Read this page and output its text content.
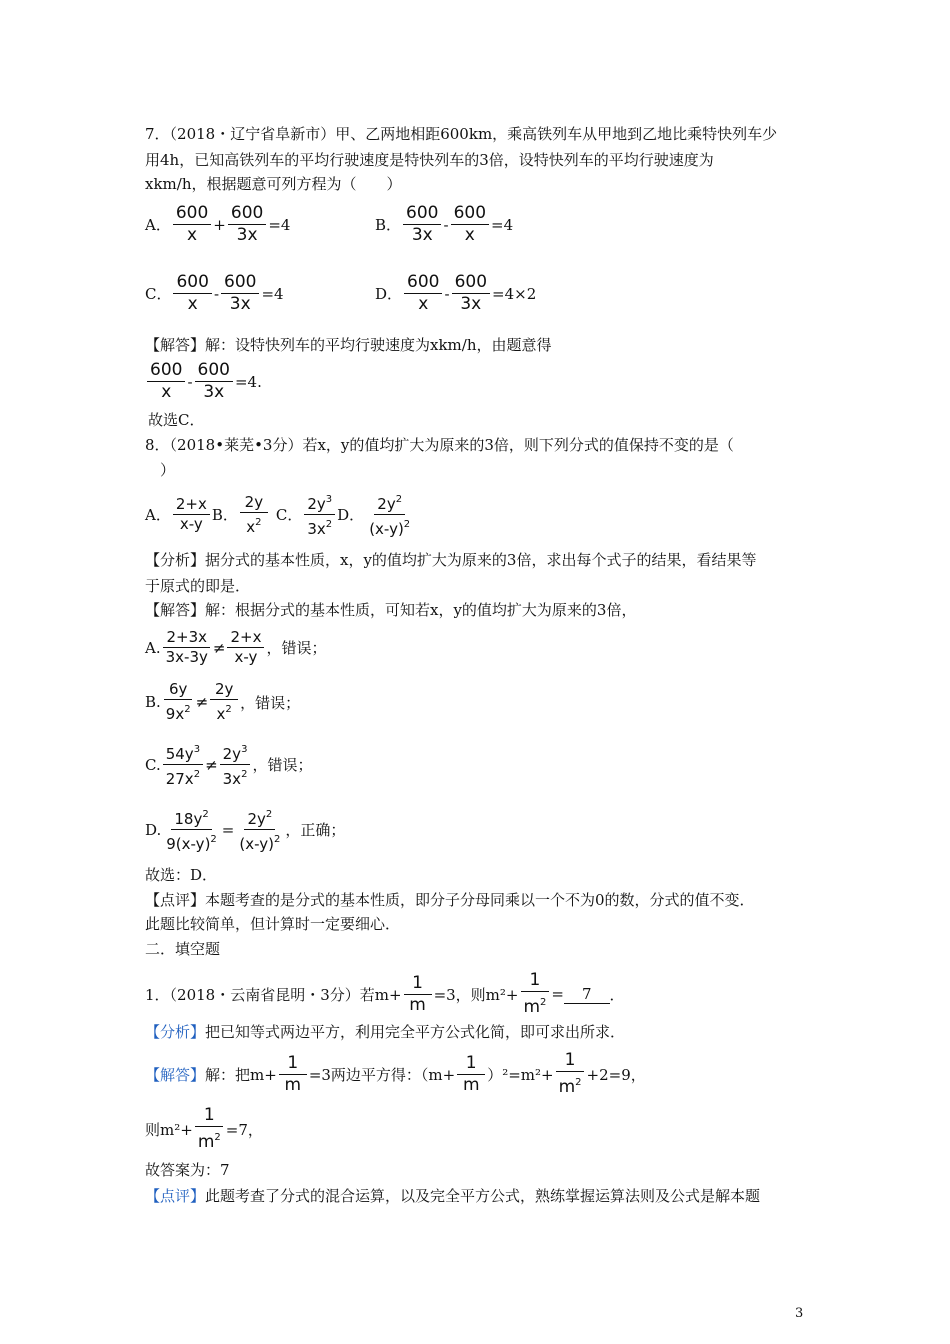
7．（2018・辽宁省阜新市）甲、乙两地相距600km，乘高铁列车从甲地到乙地比乘特快列车少
用4h，已知高铁列车的平均行驶速度是特快列车的3倍，设特快列车的平均行驶速度为
xkm/h，根据题意可列方程为（　　）
A． $\frac{600}{x} + \frac{600}{3x} =4$	B． $\frac{600}{3x} - \frac{600}{x} =4$
C． $\frac{600}{x} - \frac{600}{3x} =4$	D． $\frac{600}{x} - \frac{600}{3x} =4\times 2$
【解答】解：设特快列车的平均行驶速度为xkm/h，由题意得
$\frac{600}{x} - \frac{600}{3x} =4$.
故选C．
8．（2018•莱芜•3分）若x，y的值均扩大为原来的3倍，则下列分式的值保持不变的是（
）
A． $\frac{2+x}{x-y}$ B． $\frac{2y}{x^2}$ C． $\frac{2y^3}{3x^2}$ D． $\frac{2y^2}{(x-y)^2}$
【分析】据分式的基本性质，x，y的值均扩大为原来的3倍，求出每个式子的结果，看结果等
于原式的即是．
【解答】解：根据分式的基本性质，可知若x，y的值均扩大为原来的3倍，
A. $\frac{2+3x}{3x-3y} \ne \frac{2+x}{x-y}$ ，错误；
B. $\frac{6y}{9x^2} \ne \frac{2y}{x^2}$ ，错误；
C. $\frac{54y^3}{27x^2} \ne \frac{2y^3}{3x^2}$ ，错误；
D. $\frac{18y^2}{9(x-y)^2} = \frac{2y^2}{(x-y)^2}$ ，正确；
故选：D．
【点评】本题考查的是分式的基本性质，即分子分母同乘以一个不为0的数，分式的值不变．
此题比较简单，但计算时一定要细心．
二．填空题
1．（2018・云南省昆明・3分）若$m+ \frac{1}{m} =3$，则$m^2+ \frac{1}{m^2}$ =	7	．
【分析】把已知等式两边平方，利用完全平方公式化简，即可求出所求．
【解答】 解：把$m+ \frac{1}{m} =3$两边平方得：$(m+ \frac{1}{m} )^2=m^2+ \frac{1}{m^2} +2=9$，
则$m^2+ \frac{1}{m^2} =7$，
故答案为：7
【点评】此题考查了分式的混合运算，以及完全平方公式，熟练掌握运算法则及公式是解本题
3
